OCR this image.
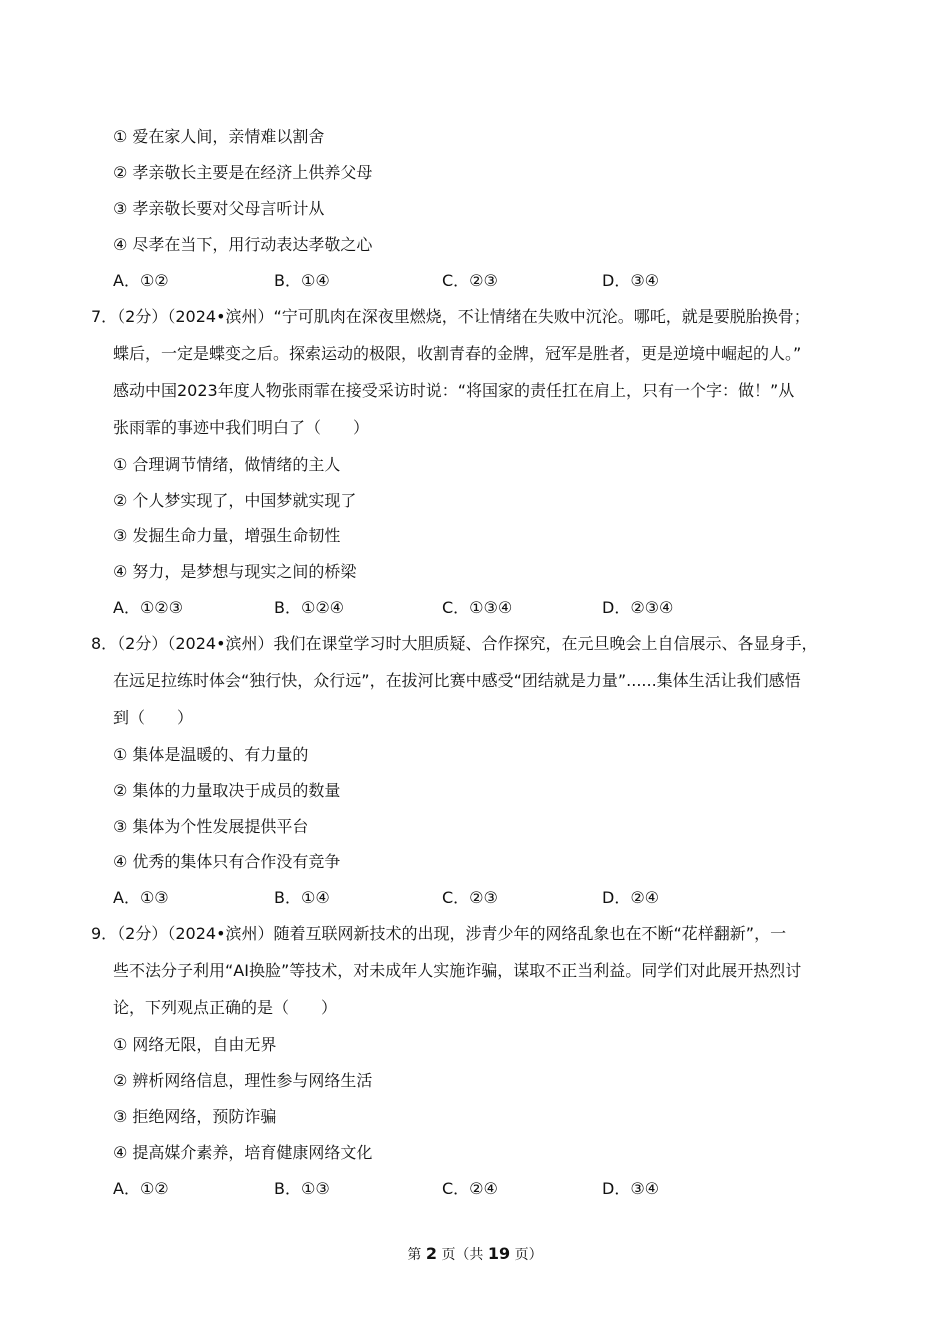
① 爱在家人间，亲情难以割舍
② 孝亲敬长主要是在经济上供养父母
③ 孝亲敬长要对父母言听计从
④ 尽孝在当下，用行动表达孝敬之心
A．①②	B．①④	C．②③	D．③④
7．（2分）（2024•滨州）“宁可肌肉在深夜里燃烧，不让情绪在失败中沉沦。哪吒，就是要脱胎换骨；
蝶后，一定是蝶变之后。探索运动的极限，收割青春的金牌，冠军是胜者，更是逆境中崛起的人。”
感动中国2023年度人物张雨霏在接受采访时说：“将国家的责任扛在肩上，只有一个字：做！”从
张雨霏的事迹中我们明白了（　　）
① 合理调节情绪，做情绪的主人
② 个人梦实现了，中国梦就实现了
③ 发掘生命力量，增强生命韧性
④ 努力，是梦想与现实之间的桥梁
A．①②③	B．①②④	C．①③④	D．②③④
8．（2分）（2024•滨州）我们在课堂学习时大胆质疑、合作探究，在元旦晚会上自信展示、各显身手，
在远足拉练时体会“独行快，众行远”，在拔河比赛中感受“团结就是力量”......集体生活让我们感悟
到（　　）
① 集体是温暖的、有力量的
② 集体的力量取决于成员的数量
③ 集体为个性发展提供平台
④ 优秀的集体只有合作没有竞争
A．①③	B．①④	C．②③	D．②④
9．（2分）（2024•滨州）随着互联网新技术的出现，涉青少年的网络乱象也在不断“花样翻新”，一
些不法分子利用“AI换脸”等技术，对未成年人实施诈骗，谋取不正当利益。同学们对此展开热烈讨
论，下列观点正确的是（　　）
① 网络无限，自由无界
② 辨析网络信息，理性参与网络生活
③ 拒绝网络，预防诈骗
④ 提高媒介素养，培育健康网络文化
A．①②	B．①③	C．②④	D．③④
第 2 页（共 19 页）
